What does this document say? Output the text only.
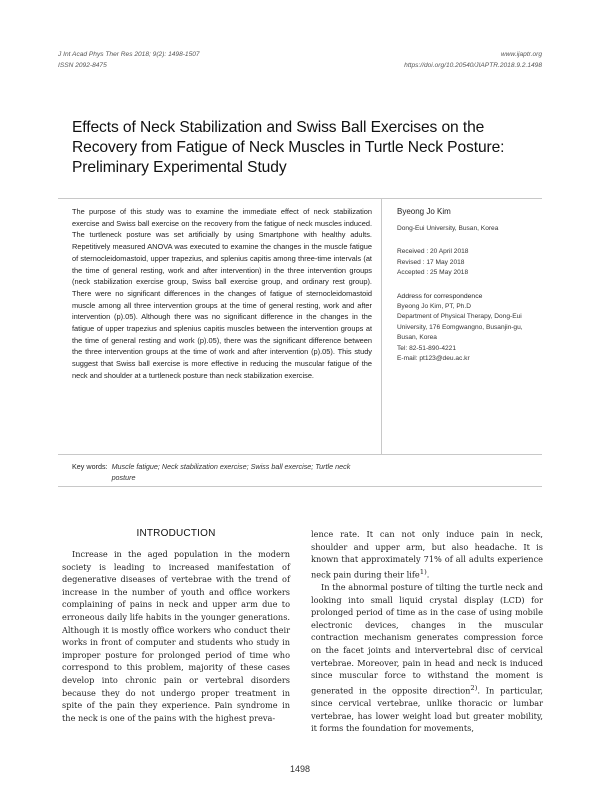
J Int Acad Phys Ther Res 2018; 9(2): 1498-1507
ISSN 2092-8475
www.ijaptr.org
https://doi.org/10.20540/JIAPTR.2018.9.2.1498
Effects of Neck Stabilization and Swiss Ball Exercises on the Recovery from Fatigue of Neck Muscles in Turtle Neck Posture: Preliminary Experimental Study

The purpose of this study was to examine the immediate effect of neck stabilization exercise and Swiss ball exercise on the recovery from the fatigue of neck muscles induced. The turtleneck posture was set artificially by using Smartphone with healthy adults. Repetitively measured ANOVA was executed to examine the changes in the muscle fatigue of sternocleidomastoid, upper trapezius, and splenius capitis among three-time intervals (at the time of general resting, work and after intervention) in the three intervention groups (neck stabilization exercise group, Swiss ball exercise group, and ordinary rest group). There were no significant differences in the changes of fatigue of sternocleidomastoid muscle among all three intervention groups at the time of general resting, work and after intervention (p).05). Although there was no significant difference in the changes in the fatigue of upper trapezius and splenius capitis muscles between the intervention groups at the time of general resting and work (p).05), there was the significant difference between the three intervention groups at the time of work and after intervention (p).05). This study suggest that Swiss ball exercise is more effective in reducing the muscular fatigue of the neck and shoulder at a turtleneck posture than neck stabilization exercise.

Byeong Jo Kim
Dong-Eui University, Busan, Korea
Received : 20 April 2018
Revised : 17 May 2018
Accepted : 25 May 2018
Address for correspondence
Byeong Jo Kim, PT, Ph.D
Department of Physical Therapy, Dong-Eui
University, 176 Eomgwangno, Busanjin-gu,
Busan, Korea
Tel: 82-51-890-4221
E-mail: pt123@deu.ac.kr
Key words: Muscle fatigue; Neck stabilization exercise; Swiss ball exercise; Turtle neck posture
INTRODUCTION

Increase in the aged population in the modern society is leading to increased manifestation of degenerative diseases of vertebrae with the trend of increase in the number of youth and office workers complaining of pains in neck and upper arm due to erroneous daily life habits in the younger generations. Although it is mostly office workers who conduct their works in front of computer and students who study in improper posture for prolonged period of time who correspond to this problem, majority of these cases develop into chronic pain or vertebral disorders because they do not undergo proper treatment in spite of the pain they experience. Pain syndrome in the neck is one of the pains with the highest preva-

lence rate. It can not only induce pain in neck, shoulder and upper arm, but also headache. It is known that approximately 71% of all adults experience neck pain during their life$^{1)}$.

In the abnormal posture of tilting the turtle neck and looking into small liquid crystal display (LCD) for prolonged period of time as in the case of using mobile electronic devices, changes in the muscular contraction mechanism generates compression force on the facet joints and intervertebral disc of cervical vertebrae. Moreover, pain in head and neck is induced since muscular force to withstand the moment is generated in the opposite direction$^{2)}$. In particular, since cervical vertebrae, unlike thoracic or lumbar vertebrae, has lower weight load but greater mobility, it forms the foundation for movements,

1498
